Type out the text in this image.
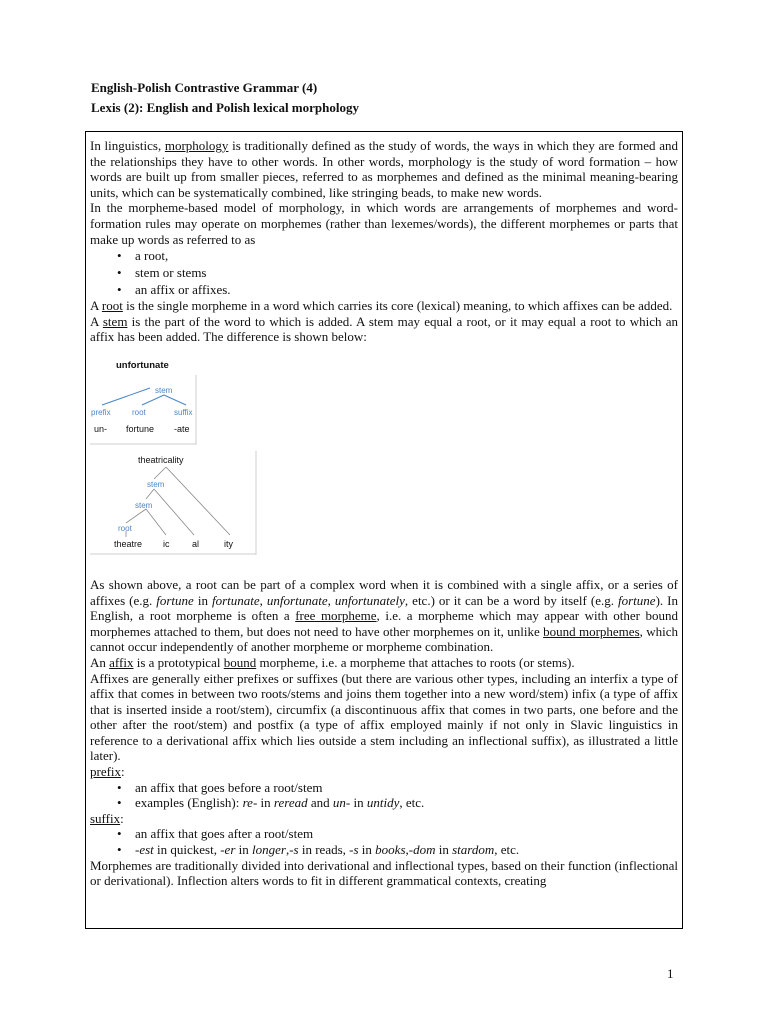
English-Polish Contrastive Grammar (4)
Lexis (2): English and Polish lexical morphology

In linguistics, morphology is traditionally defined as the study of words, the ways in which they are formed and the relationships they have to other words. In other words, morphology is the study of word formation – how words are built up from smaller pieces, referred to as morphemes and defined as the minimal meaning-bearing units, which can be systematically combined, like stringing beads, to make new words.

In the morpheme-based model of morphology, in which words are arrangements of morphemes and word-formation rules may operate on morphemes (rather than lexemes/words), the different morphemes or parts that make up words as referred to as

• a root,
• stem or stems
• an affix or affixes.

A root is the single morpheme in a word which carries its core (lexical) meaning, to which affixes can be added.

A stem is the part of the word to which is added. A stem may equal a root, or it may equal a root to which an affix has been added. The difference is shown below:

unfortunate
stem
prefix	root	suffix
un- fortune -ate
theatricality
stem
stem
root
theatre ic	al	ity

As shown above, a root can be part of a complex word when it is combined with a single affix, or a series of affixes (e.g. fortune in fortunate, unfortunate, unfortunately, etc.) or it can be a word by itself (e.g. fortune). In English, a root morpheme is often a free morpheme, i.e. a morpheme which may appear with other bound morphemes attached to them, but does not need to have other morphemes on it, unlike bound morphemes, which cannot occur independently of another morpheme or morpheme combination.

An affix is a prototypical bound morpheme, i.e. a morpheme that attaches to roots (or stems).

Affixes are generally either prefixes or suffixes (but there are various other types, including an interfix a type of affix that comes in between two roots/stems and joins them together into a new word/stem) infix (a type of affix that is inserted inside a root/stem), circumfix (a discontinuous affix that comes in two parts, one before and the other after the root/stem) and postfix (a type of affix employed mainly if not only in Slavic linguistics in reference to a derivational affix which lies outside a stem including an inflectional suffix), as illustrated a little later).

prefix:

• an affix that goes before a root/stem
• examples (English): re- in reread and un- in untidy, etc.

suffix:

• an affix that goes after a root/stem
• -est in quickest, -er in longer,-s in reads, -s in books,-dom in stardom, etc.

Morphemes are traditionally divided into derivational and inflectional types, based on their function (inflectional or derivational). Inflection alters words to fit in different grammatical contexts, creating

1
